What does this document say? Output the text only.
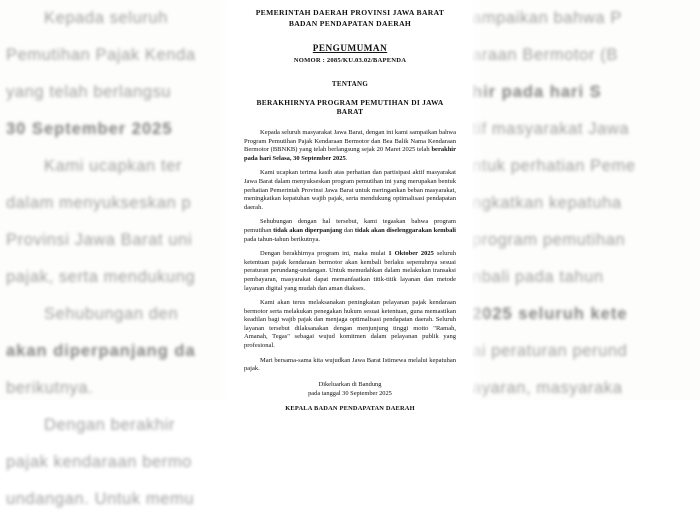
Kepada seluruh
Pemutihan Pajak Kenda
yang telah berlangsu
30 September 2025
Kami ucapkan ter
dalam menyukseskan p
Provinsi Jawa Barat uni
pajak, serta mendukung
Sehubungan den
akan diperpanjang da
berikutnya.
Dengan berakhir
pajak kendaraan bermo
undangan. Untuk memu
ampaikan bahwa P
araan Bermotor (B
hir pada hari S
tif masyarakat Jawa
ntuk perhatian Peme
ngkatkan kepatuha
program pemutihan
nbali pada tahun
2025 seluruh kete
ai peraturan perund
ayaran, masyaraka
PEMERINTAH DAERAH PROVINSI JAWA BARAT
BADAN PENDAPATAN DAERAH
PENGUMUMAN
NOMOR : 2085/KU.03.02/BAPENDA
TENTANG
BERAKHIRNYA PROGRAM PEMUTIHAN DI JAWA BARAT

Kepada seluruh masyarakat Jawa Barat, dengan ini kami sampaikan bahwa Program Pemutihan Pajak Kendaraan Bermotor dan Bea Balik Nama Kendaraan Bermotor (BBNKB) yang telah berlangsung sejak 20 Maret 2025 telah berakhir pada hari Selasa, 30 September 2025.

Kami ucapkan terima kasih atas perhatian dan partisipasi aktif masyarakat Jawa Barat dalam menyukseskan program pemutihan ini yang merupakan bentuk perhatian Pemerintah Provinsi Jawa Barat untuk meringankan beban masyarakat, meningkatkan kepatuhan wajib pajak, serta mendukung optimalisasi pendapatan daerah.

Sehubungan dengan hal tersebut, kami tegaskan bahwa program pemutihan tidak akan diperpanjang dan tidak akan diselenggarakan kembali pada tahun-tahun berikutnya.

Dengan berakhirnya program ini, maka mulai 1 Oktober 2025 seluruh ketentuan pajak kendaraan bermotor akan kembali berlaku sepenuhnya sesuai peraturan perundang-undangan. Untuk memudahkan dalam melakukan transaksi pembayaran, masyarakat dapat memanfaatkan titik-titik layanan dan metode layanan digital yang mudah dan aman diakses.

Kami akan terus melaksanakan peningkatan pelayanan pajak kendaraan bermotor serta melakukan penegakan hukum sesuai ketentuan, guna memastikan keadilan bagi wajib pajak dan menjaga optimalisasi pendapatan daerah. Seluruh layanan tersebut dilaksanakan dengan menjunjung tinggi motto "Ramah, Amanah, Tegas" sebagai wujud komitmen dalam pelayanan publik yang profesional.

Mari bersama-sama kita wujudkan Jawa Barat Istimewa melalui kepatuhan pajak.

Dikeluarkan di Bandung
pada tanggal 30 September 2025
KEPALA BADAN PENDAPATAN DAERAH
